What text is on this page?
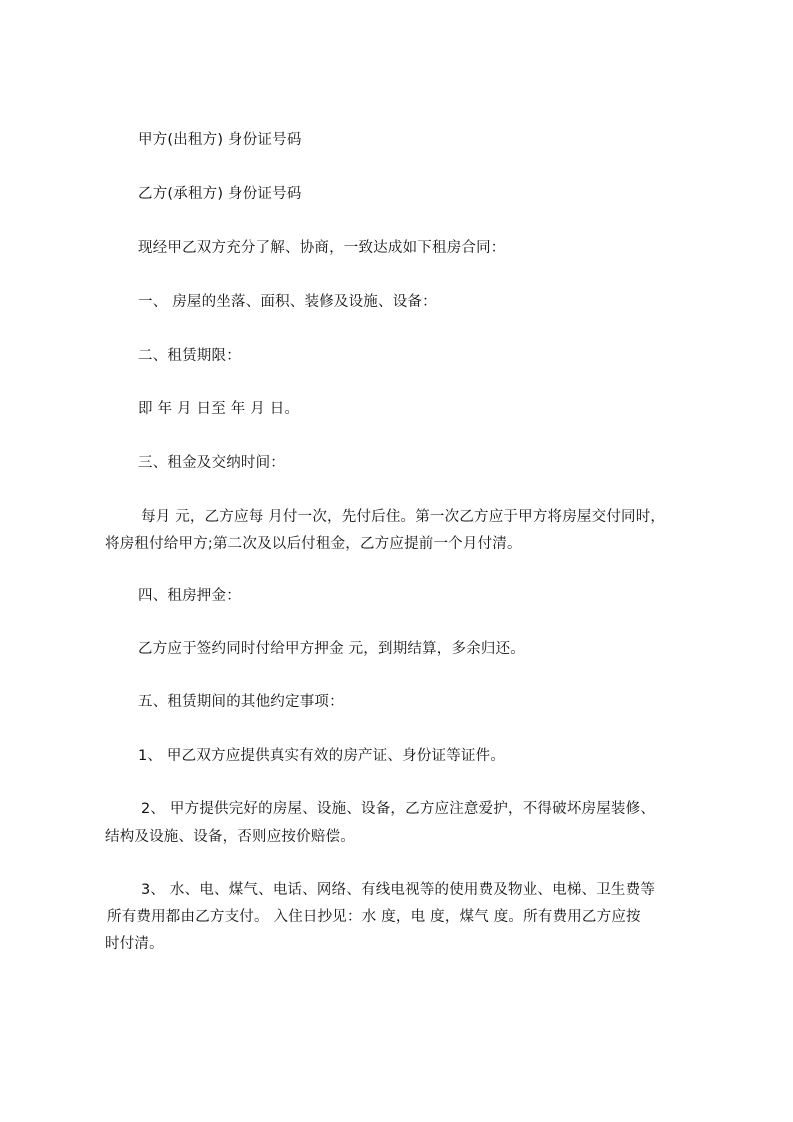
甲方(出租方) 身份证号码
乙方(承租方) 身份证号码
现经甲乙双方充分了解、协商，一致达成如下租房合同：
一、 房屋的坐落、面积、装修及设施、设备：
二、租赁期限：
即 年 月 日至 年 月 日。
三、租金及交纳时间：
每月 元，乙方应每 月付一次，先付后住。第一次乙方应于甲方将房屋交付同时，
将房租付给甲方;第二次及以后付租金，乙方应提前一个月付清。
四、租房押金：
乙方应于签约同时付给甲方押金 元，到期结算，多余归还。
五、租赁期间的其他约定事项：
1、 甲乙双方应提供真实有效的房产证、身份证等证件。
2、 甲方提供完好的房屋、设施、设备，乙方应注意爱护，不得破坏房屋装修、
结构及设施、设备，否则应按价赔偿。
3、 水、电、煤气、电话、网络、有线电视等的使用费及物业、电梯、卫生费等
所有费用都由乙方支付。 入住日抄见：水 度，电 度，煤气 度。所有费用乙方应按
时付清。
